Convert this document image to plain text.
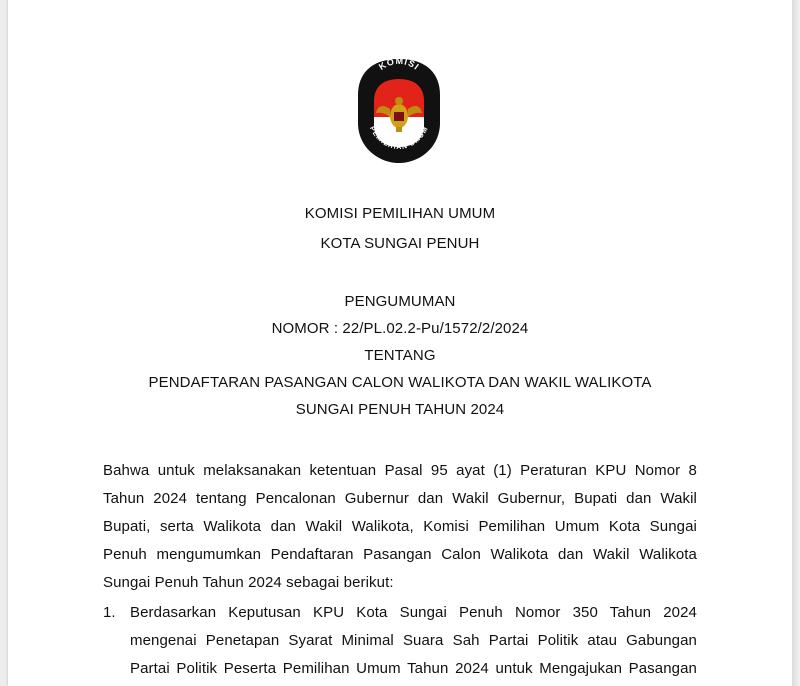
KOMISI
PEMILIHAN UMUM
KOMISI PEMILIHAN UMUM
KOTA SUNGAI PENUH
PENGUMUMAN
NOMOR : 22/PL.02.2-Pu/1572/2/2024
TENTANG
PENDAFTARAN PASANGAN CALON WALIKOTA DAN WAKIL WALIKOTA
SUNGAI PENUH TAHUN 2024
Bahwa untuk melaksanakan ketentuan Pasal 95 ayat (1) Peraturan KPU Nomor 8
Tahun 2024 tentang Pencalonan Gubernur dan Wakil Gubernur, Bupati dan Wakil
Bupati, serta Walikota dan Wakil Walikota, Komisi Pemilihan Umum Kota Sungai
Penuh mengumumkan Pendaftaran Pasangan Calon Walikota dan Wakil Walikota
Sungai Penuh Tahun 2024 sebagai berikut:
1. Berdasarkan Keputusan KPU Kota Sungai Penuh Nomor 350 Tahun 2024
mengenai Penetapan Syarat Minimal Suara Sah Partai Politik atau Gabungan
Partai Politik Peserta Pemilihan Umum Tahun 2024 untuk Mengajukan Pasangan
